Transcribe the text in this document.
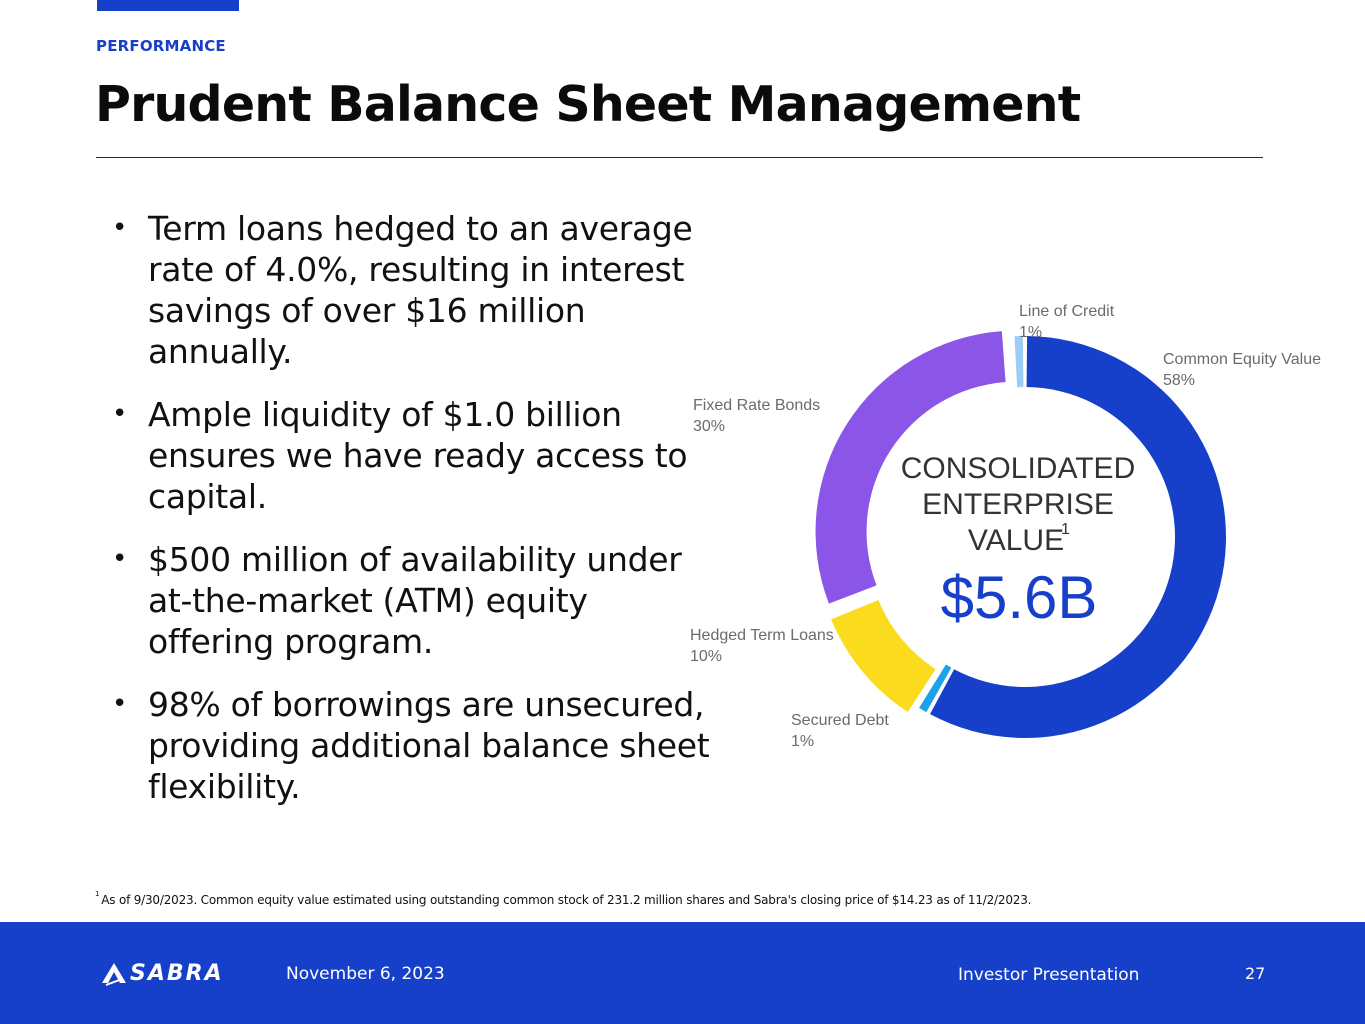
PERFORMANCE
Prudent Balance Sheet Management
• Term loans hedged to an average rate of 4.0%, resulting in interest savings of over $16 million annually.
• Ample liquidity of $1.0 billion ensures we have ready access to capital.
• $500 million of availability under at-the-market (ATM) equity offering program.
• 98% of borrowings are unsecured, providing additional balance sheet flexibility.
Common Equity Value
58%
Secured Debt
1%
Hedged Term Loans
10%
Fixed Rate Bonds
30%
Line of Credit
1%
CONSOLIDATED
ENTERPRISE
VALUE
1
$5.6B
$^1$ As of 9/30/2023. Common equity value estimated using outstanding common stock of 231.2 million shares and Sabra's closing price of $14.23 as of 11/2/2023.
SABRA	November 6, 2023	Investor Presentation	27
